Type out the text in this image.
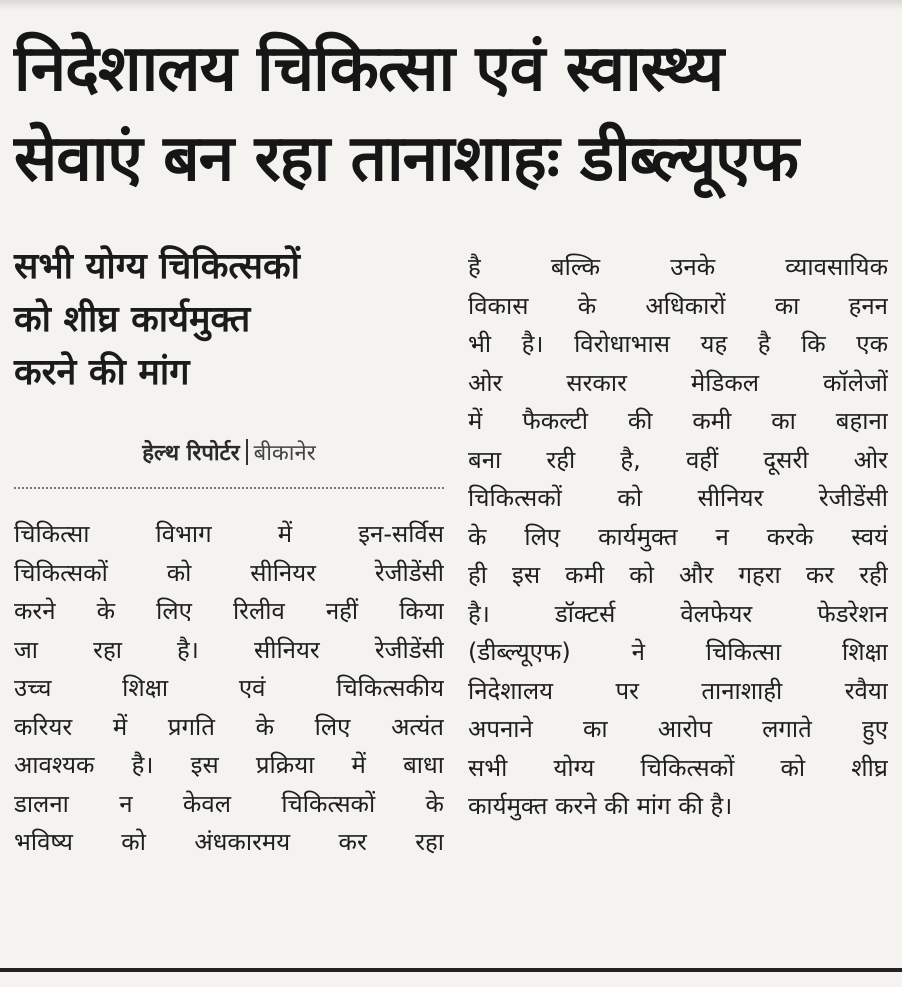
निदेशालय चिकित्सा एवं स्वास्थ्य
सेवाएं बन रहा तानाशाहः डीब्ल्यूएफ
सभी योग्य चिकित्सकों
को शीघ्र कार्यमुक्त
करने की मांग
हेल्थ रिपोर्टर बीकानेर

चिकित्सा विभाग में इन-सर्विस
चिकित्सकों को सीनियर रेजीडेंसी
करने के लिए रिलीव नहीं किया
जा रहा है। सीनियर रेजीडेंसी
उच्च शिक्षा एवं चिकित्सकीय
करियर में प्रगति के लिए अत्यंत
आवश्यक है। इस प्रक्रिया में बाधा
डालना न केवल चिकित्सकों के
भविष्य को अंधकारमय कर रहा

है बल्कि उनके व्यावसायिक
विकास के अधिकारों का हनन
भी है। विरोधाभास यह है कि एक
ओर सरकार मेडिकल कॉलेजों
में फैकल्टी की कमी का बहाना
बना रही है, वहीं दूसरी ओर
चिकित्सकों को सीनियर रेजीडेंसी
के लिए कार्यमुक्त न करके स्वयं
ही इस कमी को और गहरा कर रही
है। डॉक्टर्स वेलफेयर फेडरेशन
(डीब्ल्यूएफ) ने चिकित्सा शिक्षा
निदेशालय पर तानाशाही रवैया
अपनाने का आरोप लगाते हुए
सभी योग्य चिकित्सकों को शीघ्र
कार्यमुक्त करने की मांग की है।
